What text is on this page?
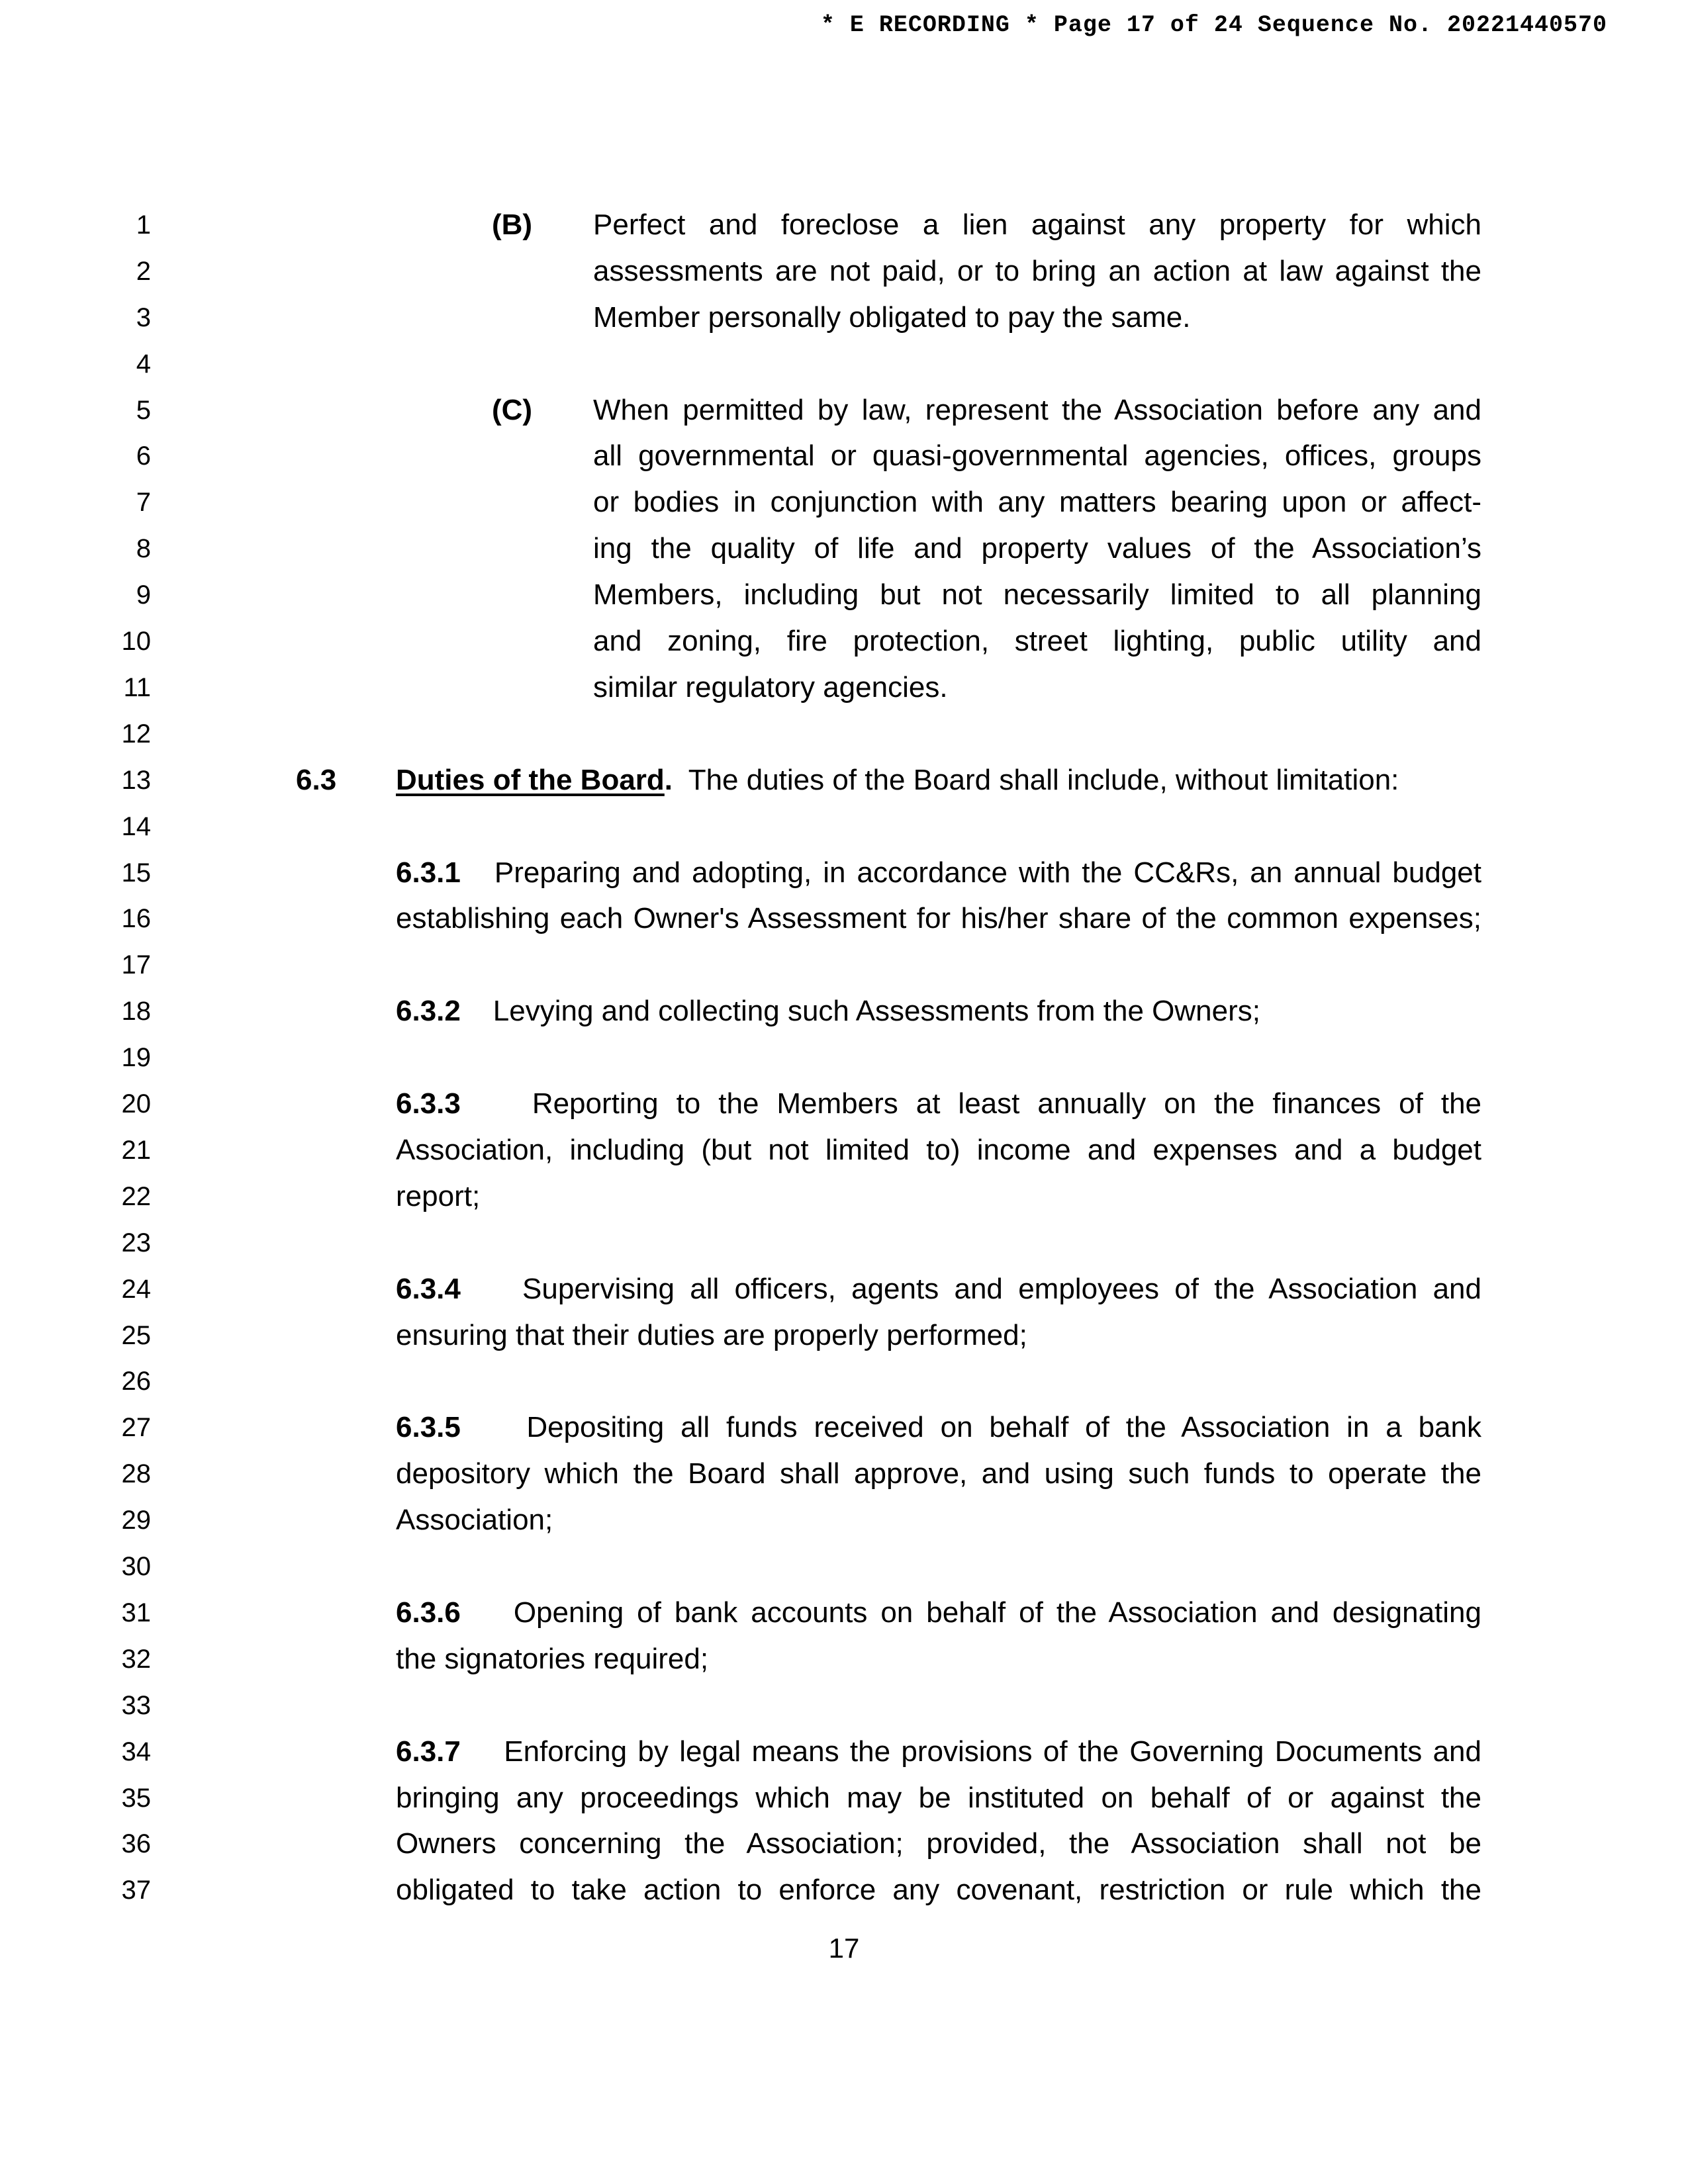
* E RECORDING * Page 17 of 24 Sequence No. 20221440570
1
2
3
4
5
6
7
8
9
10
11
12
13
14
15
16
17
18
19
20
21
22
23
24
25
26
27
28
29
30
31
32
33
34
35
36
37
(B) Perfect and foreclose a lien against any property for which
assessments are not paid, or to bring an action at law against the
Member personally obligated to pay the same.
(C) When permitted by law, represent the Association before any and
all governmental or quasi-governmental agencies, offices, groups
or bodies in conjunction with any matters bearing upon or affect-
ing the quality of life and property values of the Association’s
Members, including but not necessarily limited to all planning
and zoning, fire protection, street lighting, public utility and
similar regulatory agencies.
6.3 Duties of the Board. The duties of the Board shall include, without limitation:
6.3.1 Preparing and adopting, in accordance with the CC&Rs, an annual budget
establishing each Owner's Assessment for his/her share of the common expenses;
6.3.2 Levying and collecting such Assessments from the Owners;
6.3.3 Reporting to the Members at least annually on the finances of the
Association, including (but not limited to) income and expenses and a budget
report;
6.3.4 Supervising all officers, agents and employees of the Association and
ensuring that their duties are properly performed;
6.3.5 Depositing all funds received on behalf of the Association in a bank
depository which the Board shall approve, and using such funds to operate the
Association;
6.3.6 Opening of bank accounts on behalf of the Association and designating
the signatories required;
6.3.7 Enforcing by legal means the provisions of the Governing Documents and
bringing any proceedings which may be instituted on behalf of or against the
Owners concerning the Association; provided, the Association shall not be
obligated to take action to enforce any covenant, restriction or rule which the
17
